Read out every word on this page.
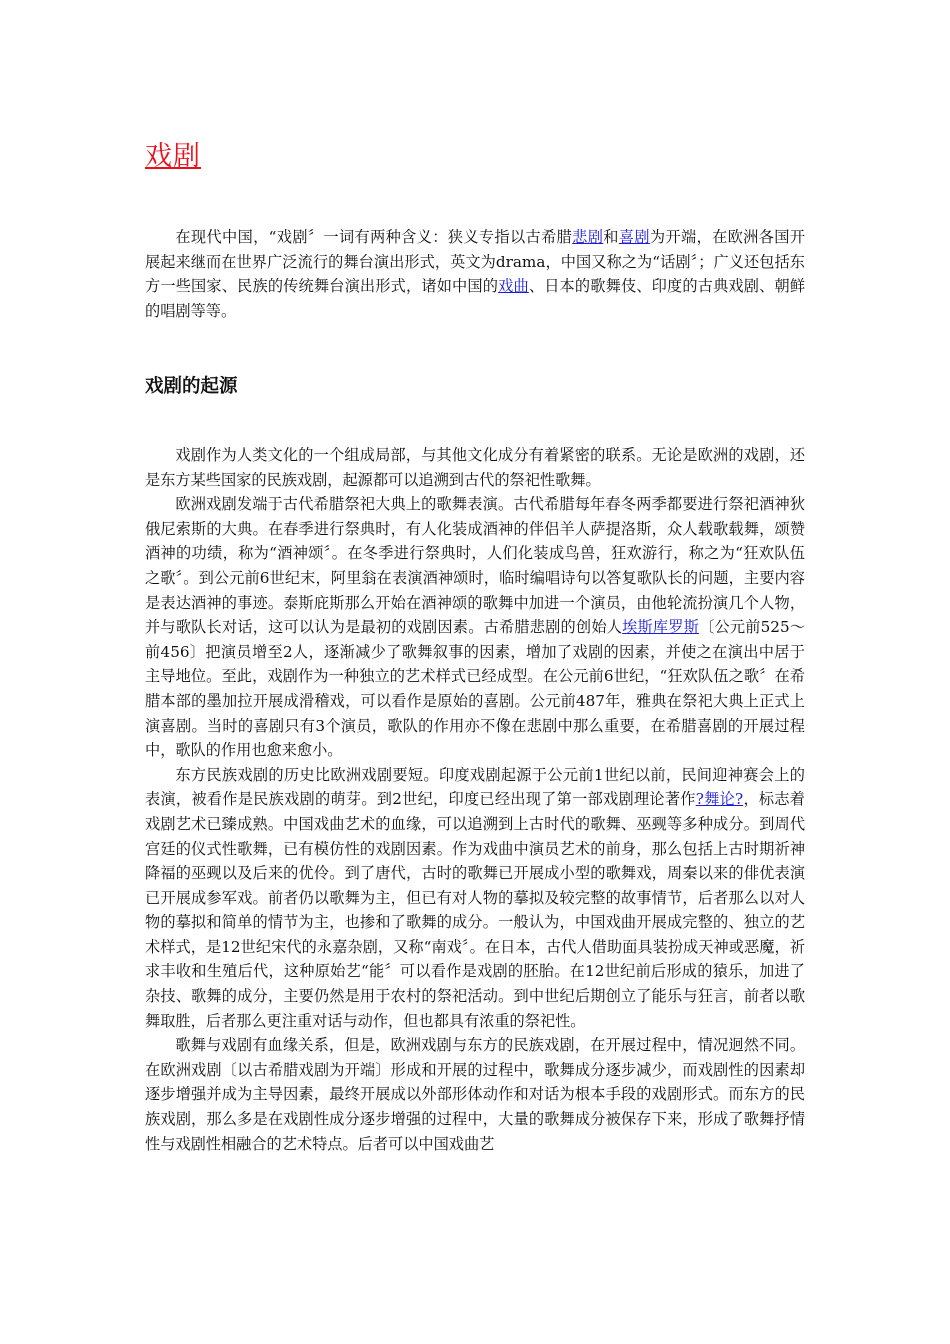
戏剧

在现代中国，“戏剧〞一词有两种含义：狭义专指以古希腊悲剧和喜剧为开端，在欧洲各国开展起来继而在世界广泛流行的舞台演出形式，英文为drama，中国又称之为“话剧〞；广义还包括东方一些国家、民族的传统舞台演出形式，诸如中国的戏曲、日本的歌舞伎、印度的古典戏剧、朝鲜的唱剧等等。

戏剧的起源

戏剧作为人类文化的一个组成局部，与其他文化成分有着紧密的联系。无论是欧洲的戏剧，还是东方某些国家的民族戏剧，起源都可以追溯到古代的祭祀性歌舞。

欧洲戏剧发端于古代希腊祭祀大典上的歌舞表演。古代希腊每年春冬两季都要进行祭祀酒神狄俄尼索斯的大典。在春季进行祭典时，有人化装成酒神的伴侣羊人萨提洛斯，众人载歌载舞，颂赞酒神的功绩，称为“酒神颂〞。在冬季进行祭典时，人们化装成鸟兽，狂欢游行，称之为“狂欢队伍之歌〞。到公元前6世纪末，阿里翁在表演酒神颂时，临时编唱诗句以答复歌队长的问题，主要内容是表达酒神的事迹。泰斯庇斯那么开始在酒神颂的歌舞中加进一个演员，由他轮流扮演几个人物，并与歌队长对话，这可以认为是最初的戏剧因素。古希腊悲剧的创始人埃斯库罗斯〔公元前525～前456〕把演员增至2人，逐渐减少了歌舞叙事的因素，增加了戏剧的因素，并使之在演出中居于主导地位。至此，戏剧作为一种独立的艺术样式已经成型。在公元前6世纪，“狂欢队伍之歌〞在希腊本部的墨加拉开展成滑稽戏，可以看作是原始的喜剧。公元前487年，雅典在祭祀大典上正式上演喜剧。当时的喜剧只有3个演员，歌队的作用亦不像在悲剧中那么重要，在希腊喜剧的开展过程中，歌队的作用也愈来愈小。

东方民族戏剧的历史比欧洲戏剧要短。印度戏剧起源于公元前1世纪以前，民间迎神赛会上的表演，被看作是民族戏剧的萌芽。到2世纪，印度已经出现了第一部戏剧理论著作?舞论?，标志着戏剧艺术已臻成熟。中国戏曲艺术的血缘，可以追溯到上古时代的歌舞、巫觋等多种成分。到周代宫廷的仪式性歌舞，已有模仿性的戏剧因素。作为戏曲中演员艺术的前身，那么包括上古时期祈神降福的巫觋以及后来的优伶。到了唐代，古时的歌舞已开展成小型的歌舞戏，周秦以来的俳优表演已开展成参军戏。前者仍以歌舞为主，但已有对人物的摹拟及较完整的故事情节，后者那么以对人物的摹拟和简单的情节为主，也掺和了歌舞的成分。一般认为，中国戏曲开展成完整的、独立的艺术样式，是12世纪宋代的永嘉杂剧，又称“南戏〞。在日本，古代人借助面具装扮成天神或恶魔，祈求丰收和生殖后代，这种原始艺“能〞可以看作是戏剧的胚胎。在12世纪前后形成的猿乐，加进了杂技、歌舞的成分，主要仍然是用于农村的祭祀活动。到中世纪后期创立了能乐与狂言，前者以歌舞取胜，后者那么更注重对话与动作，但也都具有浓重的祭祀性。

歌舞与戏剧有血缘关系，但是，欧洲戏剧与东方的民族戏剧，在开展过程中，情况迥然不同。在欧洲戏剧〔以古希腊戏剧为开端〕形成和开展的过程中，歌舞成分逐步减少，而戏剧性的因素却逐步增强并成为主导因素，最终开展成以外部形体动作和对话为根本手段的戏剧形式。而东方的民族戏剧，那么多是在戏剧性成分逐步增强的过程中，大量的歌舞成分被保存下来，形成了歌舞抒情性与戏剧性相融合的艺术特点。后者可以中国戏曲艺
